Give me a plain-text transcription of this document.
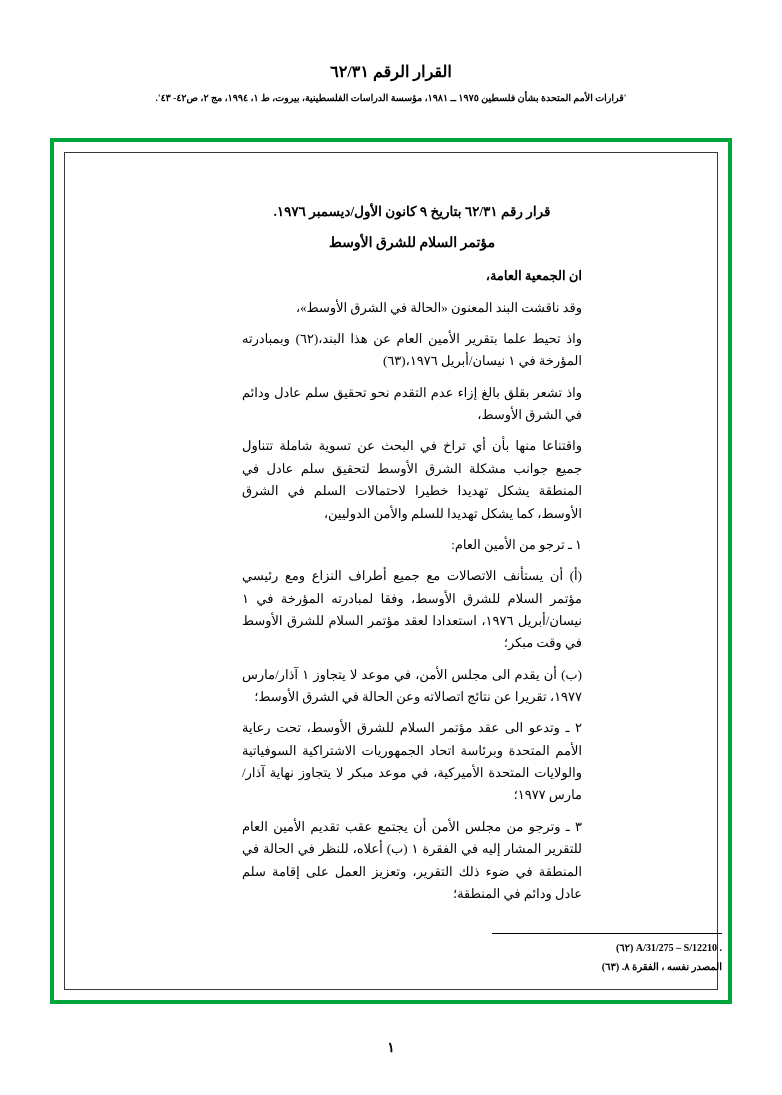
القرار الرقم ٦٢/٣١
'قرارات الأمم المتحدة بشأن فلسطين ١٩٧٥ ــ ١٩٨١، مؤسسة الدراسات الفلسطينية، بيروت، ط ١، ١٩٩٤، مج ٢، ص٤٢- ٤٣'.

قرار رقم ٦٢/٣١ بتاريخ ٩ كانون الأول/ديسمبر ١٩٧٦.

مؤتمر السلام للشرق الأوسط

ان الجمعية العامة،

وقد ناقشت البند المعنون «الحالة في الشرق الأوسط»،

واذ تحيط علما بتقرير الأمين العام عن هذا البند،(٦٢) وبمبادرته المؤرخة في ١ نيسان/أبريل ١٩٧٦،(٦٣)

واذ تشعر بقلق بالغ إزاء عدم التقدم نحو تحقيق سلم عادل ودائم في الشرق الأوسط،

واقتناعا منها بأن أي تراخ في البحث عن تسوية شاملة تتناول جميع جوانب مشكلة الشرق الأوسط لتحقيق سلم عادل في المنطقة يشكل تهديدا خطيرا لاحتمالات السلم في الشرق الأوسط، كما يشكل تهديدا للسلم والأمن الدوليين،

١ ـ ترجو من الأمين العام:

(أ) أن يستأنف الاتصالات مع جميع أطراف النزاع ومع رئيسي مؤتمر السلام للشرق الأوسط، وفقا لمبادرته المؤرخة في ١ نيسان/أبريل ١٩٧٦، استعدادا لعقد مؤتمر السلام للشرق الأوسط في وقت مبكر؛

(ب) أن يقدم الى مجلس الأمن، في موعد لا يتجاوز ١ آذار/مارس ١٩٧٧، تقريرا عن نتائج اتصالاته وعن الحالة في الشرق الأوسط؛

٢ ـ وتدعو الى عقد مؤتمر السلام للشرق الأوسط، تحت رعاية الأمم المتحدة وبرئاسة اتحاد الجمهوريات الاشتراكية السوفياتية والولايات المتحدة الأميركية، في موعد مبكر لا يتجاوز نهاية آذار/مارس ١٩٧٧؛

٣ ـ وترجو من مجلس الأمن أن يجتمع عقب تقديم الأمين العام للتقرير المشار إليه في الفقرة ١ (ب) أعلاه، للنظر في الحالة في المنطقة في ضوء ذلك التقرير، وتعزيز العمل على إقامة سلم عادل ودائم في المنطقة؛

A/31/275 – S/12210 . (٦٢)
المصدر نفسه ، الفقرة ٨. (٦٣)
١
